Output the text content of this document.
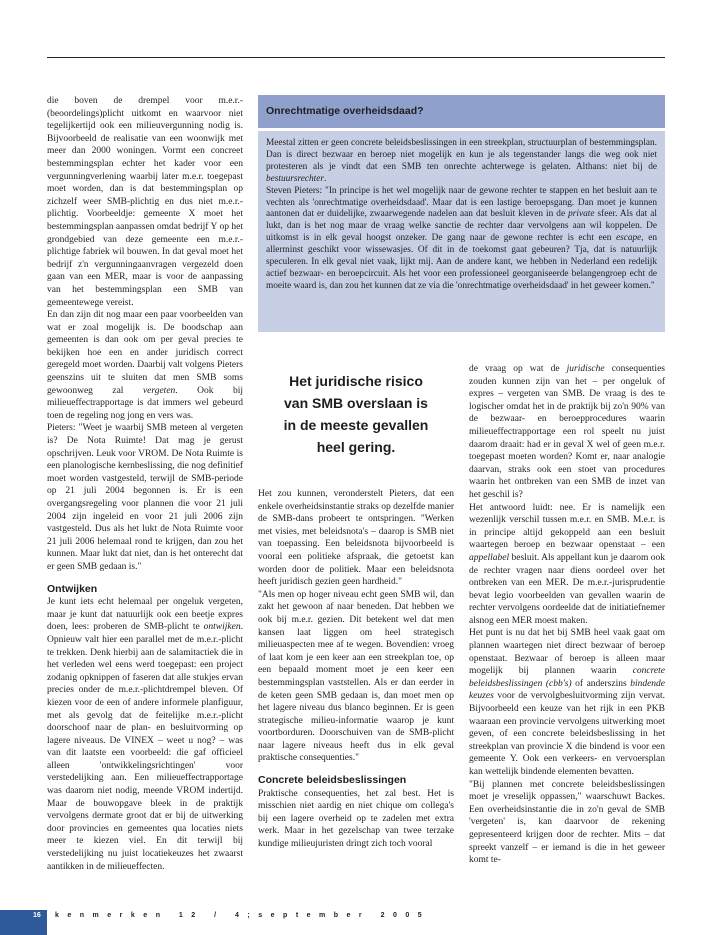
die boven de drempel voor m.e.r.-(beoordelings)plicht uitkomt en waarvoor niet tegelijkertijd ook een milieuvergunning nodig is. Bijvoorbeeld de realisatie van een woonwijk met meer dan 2000 woningen. Vormt een concreet bestemmingsplan echter het kader voor een vergunningverlening waarbij later m.e.r. toegepast moet worden, dan is dat bestemmingsplan op zichzelf weer SMB-plichtig en dus niet m.e.r.-plichtig. Voorbeeldje: gemeente X moet het bestemmingsplan aanpassen omdat bedrijf Y op het grondgebied van deze gemeente een m.e.r.-plichtige fabriek wil bouwen. In dat geval moet het bedrijf z'n vergunningaanvragen vergezeld doen gaan van een MER, maar is voor de aanpassing van het bestemmingsplan een SMB van gemeentewege vereist.

En dan zijn dit nog maar een paar voorbeelden van wat er zoal mogelijk is. De boodschap aan gemeenten is dan ook om per geval precies te bekijken hoe een en ander juridisch correct geregeld moet worden. Daarbij valt volgens Pieters geenszins uit te sluiten dat men SMB soms gewoonweg zal vergeten. Ook bij milieueffectrapportage is dat immers wel gebeurd toen de regeling nog jong en vers was.

Pieters: "Weet je waarbij SMB meteen al vergeten is? De Nota Ruimte! Dat mag je gerust opschrijven. Leuk voor VROM. De Nota Ruimte is een planologische kernbeslissing, die nog definitief moet worden vastgesteld, terwijl de SMB-periode op 21 juli 2004 begonnen is. Er is een overgangsregeling voor plannen die voor 21 juli 2004 zijn ingeleid en voor 21 juli 2006 zijn vastgesteld. Dus als het lukt de Nota Ruimte voor 21 juli 2006 helemaal rond te krijgen, dan zou het kunnen. Maar lukt dat niet, dan is het onterecht dat er geen SMB gedaan is."

Ontwijken

Je kunt iets echt helemaal per ongeluk vergeten, maar je kunt dat natuurlijk ook een beetje expres doen, lees: proberen de SMB-plicht te ontwijken. Opnieuw valt hier een parallel met de m.e.r.-plicht te trekken. Denk hierbij aan de salamitactiek die in het verleden wel eens werd toegepast: een project zodanig opknippen of faseren dat alle stukjes ervan precies onder de m.e.r.-plichtdrempel bleven. Of kiezen voor de een of andere informele planfiguur, met als gevolg dat de feitelijke m.e.r.-plicht doorschoof naar de plan- en besluitvorming op lagere niveaus. De VINEX – weet u nog? – was van dit laatste een voorbeeld: die gaf officieel alleen 'ontwikkelingsrichtingen' voor verstedelijking aan. Een milieueffectrapportage was daarom niet nodig, meende VROM indertijd. Maar de bouwopgave bleek in de praktijk vervolgens dermate groot dat er bij de uitwerking door provincies en gemeentes qua locaties niets meer te kiezen viel. En dit terwijl bij verstedelijking nu juist locatiekeuzes het zwaarst aantikken in de milieueffecten.

Onrechtmatige overheidsdaad?

Meestal zitten er geen concrete beleidsbeslissingen in een streekplan, structuurplan of bestemmingsplan. Dan is direct bezwaar en beroep niet mogelijk en kun je als tegenstander langs die weg ook niet protesteren als je vindt dat een SMB ten onrechte achterwege is gelaten. Althans: niet bij de bestuursrechter.

Steven Pieters: "In principe is het wel mogelijk naar de gewone rechter te stappen en het besluit aan te vechten als 'onrechtmatige overheidsdaad'. Maar dat is een lastige beroepsgang. Dan moet je kunnen aantonen dat er duidelijke, zwaarwegende nadelen aan dat besluit kleven in de private sfeer. Als dat al lukt, dan is het nog maar de vraag welke sanctie de rechter daar vervolgens aan wil koppelen. De uitkomst is in elk geval hoogst onzeker. De gang naar de gewone rechter is echt een escape, en allerminst geschikt voor wissewasjes. Of dit in de toekomst gaat gebeuren? Tja, dat is natuurlijk speculeren. In elk geval niet vaak, lijkt mij. Aan de andere kant, we hebben in Nederland een redelijk actief bezwaar- en beroepcircuit. Als het voor een professioneel georganiseerde belangengroep echt de moeite waard is, dan zou het kunnen dat ze via die 'onrechtmatige overheidsdaad' in het geweer komen."

Het juridische risico
van SMB overslaan is
in de meeste gevallen
heel gering.

Het zou kunnen, veronderstelt Pieters, dat een enkele overheidsinstantie straks op dezelfde manier de SMB-dans probeert te ontspringen. "Werken met visies, met beleidsnota's – daarop is SMB niet van toepassing. Een beleidsnota bijvoorbeeld is vooral een politieke afspraak, die getoetst kan worden door de politiek. Maar een beleidsnota heeft juridisch gezien geen hardheid."

"Als men op hoger niveau echt geen SMB wil, dan zakt het gewoon af naar beneden. Dat hebben we ook bij m.e.r. gezien. Dit betekent wel dat men kansen laat liggen om heel strategisch milieuaspecten mee af te wegen. Bovendien: vroeg of laat kom je een keer aan een streekplan toe, op een bepaald moment moet je een keer een bestemmingsplan vaststellen. Als er dan eerder in de keten geen SMB gedaan is, dan moet men op het lagere niveau dus blanco beginnen. Er is geen strategische milieu-informatie waarop je kunt voortborduren. Doorschuiven van de SMB-plicht naar lagere niveaus heeft dus in elk geval praktische consequenties."

Concrete beleidsbeslissingen

Praktische consequenties, het zal best. Het is misschien niet aardig en niet chique om collega's bij een lagere overheid op te zadelen met extra werk. Maar in het gezelschap van twee terzake kundige milieujuristen dringt zich toch vooral

de vraag op wat de juridische consequenties zouden kunnen zijn van het – per ongeluk of expres – vergeten van SMB. De vraag is des te logischer omdat het in de praktijk bij zo'n 90% van de bezwaar- en beroepprocedures waarin milieueffectrapportage een rol speelt nu juist daarom draait: had er in geval X wel of geen m.e.r. toegepast moeten worden? Komt er, naar analogie daarvan, straks ook een stoet van procedures waarin het ontbreken van een SMB de inzet van het geschil is?

Het antwoord luidt: nee. Er is namelijk een wezenlijk verschil tussen m.e.r. en SMB. M.e.r. is in principe altijd gekoppeld aan een besluit waartegen beroep en bezwaar openstaat – een appellabel besluit. Als appellant kun je daarom ook de rechter vragen naar diens oordeel over het ontbreken van een MER. De m.e.r.-jurisprudentie bevat legio voorbeelden van gevallen waarin de rechter vervolgens oordeelde dat de initiatiefnemer alsnog een MER moest maken.

Het punt is nu dat het bij SMB heel vaak gaat om plannen waartegen niet direct bezwaar of beroep openstaat. Bezwaar of beroep is alleen maar mogelijk bij plannen waarin concrete beleidsbeslissingen (cbb's) of anderszins bindende keuzes voor de vervolgbesluitvorming zijn vervat. Bijvoorbeeld een keuze van het rijk in een PKB waaraan een provincie vervolgens uitwerking moet geven, of een concrete beleidsbeslissing in het streekplan van provincie X die bindend is voor een gemeente Y. Ook een verkeers- en vervoersplan kan wettelijk bindende elementen bevatten.

"Bij plannen met concrete beleidsbeslissingen moet je vreselijk oppassen," waarschuwt Backes. Een overheidsinstantie die in zo'n geval de SMB 'vergeten' is, kan daarvoor de rekening gepresenteerd krijgen door de rechter. Mits – dat spreekt vanzelf – er iemand is die in het geweer komt te-

16 kenmerken 12 / 4;september 2005
